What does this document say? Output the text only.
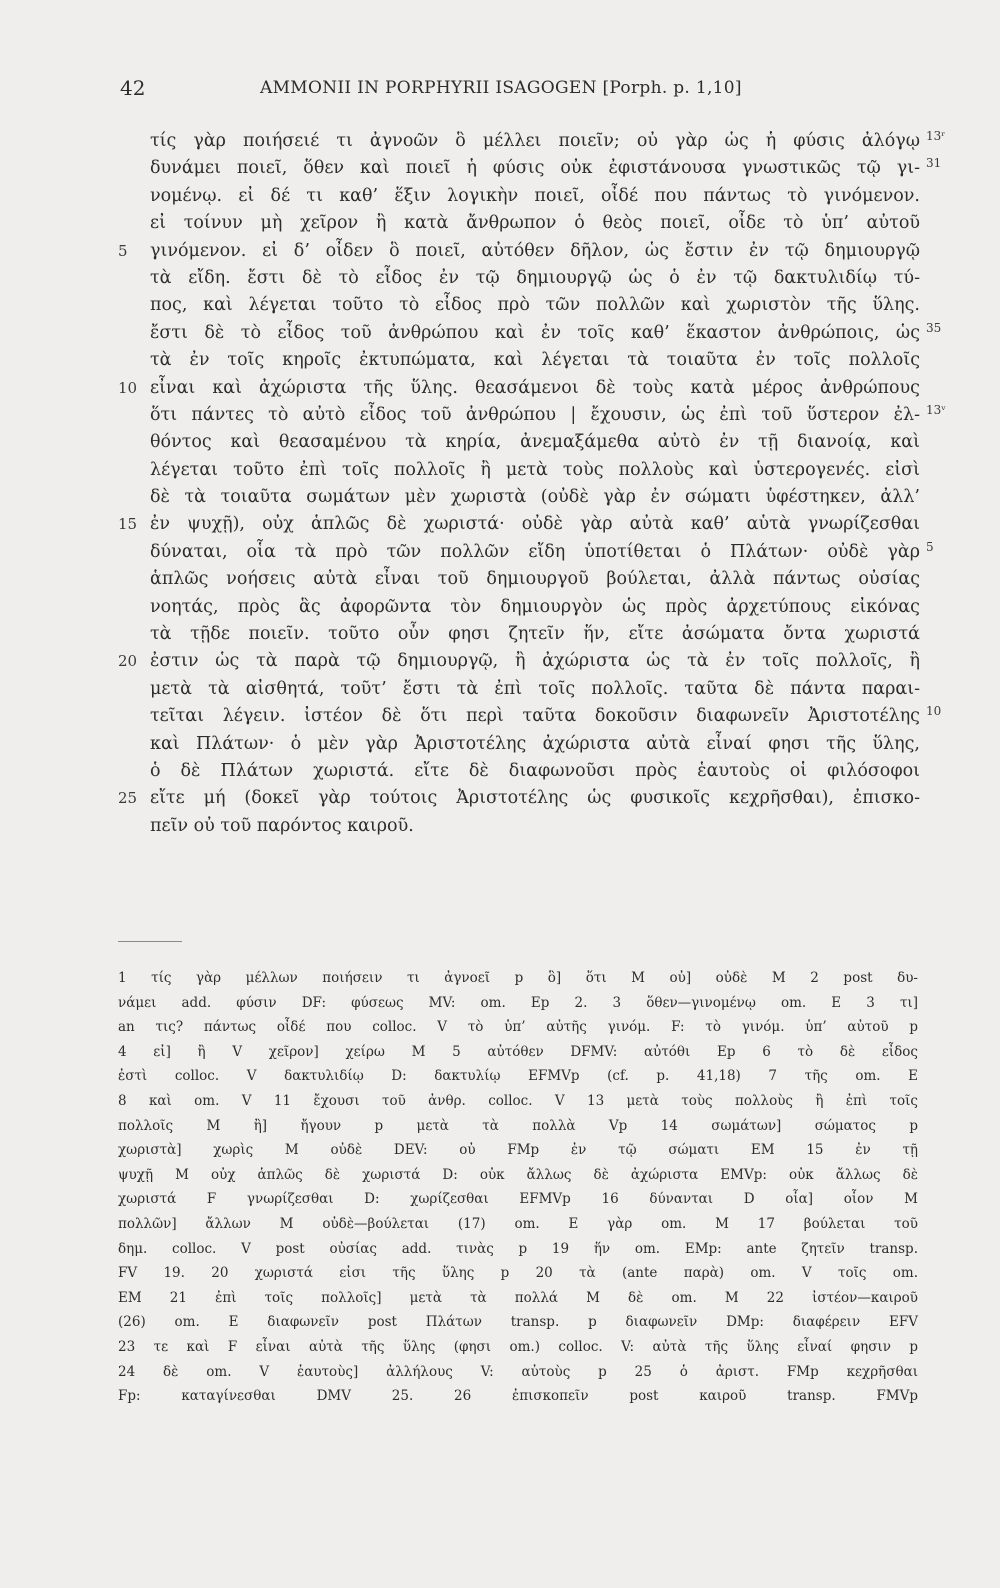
42	AMMONII IN PORPHYRII ISAGOGEN [Porph. p. 1,10]
τίς γὰρ ποιήσειέ τι ἀγνοῶν ὃ μέλλει ποιεῖν; οὐ γὰρ ὡς ἡ φύσις ἀλόγῳ 13ʳ
δυνάμει ποιεῖ, ὅθεν καὶ ποιεῖ ἡ φύσις οὐκ ἐφιστάνουσα γνωστικῶς τῷ γι- 31
νομένῳ. εἰ δέ τι καθ’ ἕξιν λογικὴν ποιεῖ, οἶδέ που πάντως τὸ γινόμενον.
εἰ τοίνυν μὴ χεῖρον ἢ κατὰ ἄνθρωπον ὁ θεὸς ποιεῖ, οἶδε τὸ ὑπ’ αὐτοῦ
5	γινόμενον. εἰ δ’ οἶδεν ὃ ποιεῖ, αὐτόθεν δῆλον, ὡς ἔστιν ἐν τῷ δημιουργῷ
τὰ εἴδη. ἔστι δὲ τὸ εἶδος ἐν τῷ δημιουργῷ ὡς ὁ ἐν τῷ δακτυλιδίῳ τύ-
πος, καὶ λέγεται τοῦτο τὸ εἶδος πρὸ τῶν πολλῶν καὶ χωριστὸν τῆς ὕλης.
ἔστι δὲ τὸ εἶδος τοῦ ἀνθρώπου καὶ ἐν τοῖς καθ’ ἕκαστον ἀνθρώποις, ὡς 35
τὰ ἐν τοῖς κηροῖς ἐκτυπώματα, καὶ λέγεται τὰ τοιαῦτα ἐν τοῖς πολλοῖς
10 εἶναι καὶ ἀχώριστα τῆς ὕλης. θεασάμενοι δὲ τοὺς κατὰ μέρος ἀνθρώπους
ὅτι πάντες τὸ αὐτὸ εἶδος τοῦ ἀνθρώπου | ἔχουσιν, ὡς ἐπὶ τοῦ ὕστερον ἐλ- 13ᵛ
θόντος καὶ θεασαμένου τὰ κηρία, ἀνεμαξάμεθα αὐτὸ ἐν τῇ διανοίᾳ, καὶ
λέγεται τοῦτο ἐπὶ τοῖς πολλοῖς ἢ μετὰ τοὺς πολλοὺς καὶ ὑστερογενές. εἰσὶ
δὲ τὰ τοιαῦτα σωμάτων μὲν χωριστὰ (οὐδὲ γὰρ ἐν σώματι ὑφέστηκεν, ἀλλ’
15 ἐν ψυχῇ), οὐχ ἁπλῶς δὲ χωριστά· οὐδὲ γὰρ αὐτὰ καθ’ αὑτὰ γνωρίζεσθαι
δύναται, οἷα τὰ πρὸ τῶν πολλῶν εἴδη ὑποτίθεται ὁ Πλάτων· οὐδὲ γὰρ 5
ἁπλῶς νοήσεις αὐτὰ εἶναι τοῦ δημιουργοῦ βούλεται, ἀλλὰ πάντως οὐσίας
νοητάς, πρὸς ἃς ἀφορῶντα τὸν δημιουργὸν ὡς πρὸς ἀρχετύπους εἰκόνας
τὰ τῇδε ποιεῖν. τοῦτο οὖν φησι ζητεῖν ἥν, εἴτε ἀσώματα ὄντα χωριστά
20 ἐστιν ὡς τὰ παρὰ τῷ δημιουργῷ, ἢ ἀχώριστα ὡς τὰ ἐν τοῖς πολλοῖς, ἢ
μετὰ τὰ αἰσθητά, τοῦτ’ ἔστι τὰ ἐπὶ τοῖς πολλοῖς. ταῦτα δὲ πάντα παραι-
τεῖται λέγειν. ἰστέον δὲ ὅτι περὶ ταῦτα δοκοῦσιν διαφωνεῖν Ἀριστοτέλης 10
καὶ Πλάτων· ὁ μὲν γὰρ Ἀριστοτέλης ἀχώριστα αὐτὰ εἶναί φησι τῆς ὕλης,
ὁ δὲ Πλάτων χωριστά. εἴτε δὲ διαφωνοῦσι πρὸς ἑαυτοὺς οἱ φιλόσοφοι
25 εἴτε μή (δοκεῖ γὰρ τούτοις Ἀριστοτέλης ὡς φυσικοῖς κεχρῆσθαι), ἐπισκο-
πεῖν οὐ τοῦ παρόντος καιροῦ.
1 τίς γὰρ μέλλων ποιήσειν τι ἀγνοεῖ p ὃ] ὅτι M οὐ] οὐδὲ M 2 post δυ-
νάμει add. φύσιν DF: φύσεως MV: om. Ep 2. 3 ὅθεν—γινομένῳ om. E 3 τι]
an τις? πάντως οἶδέ που colloc. V τὸ ὑπ’ αὐτῆς γινόμ. F: τὸ γινόμ. ὑπ’ αὐτοῦ p
4 εἰ] ἢ V χεῖρον] χείρω M 5 αὐτόθεν DFMV: αὐτόθι Ep 6 τὸ δὲ εἶδος
ἐστὶ colloc. V δακτυλιδίῳ D: δακτυλίῳ EFMVp (cf. p. 41,18) 7 τῆς om. E
8 καὶ om. V 11 ἔχουσι τοῦ ἀνθρ. colloc. V 13 μετὰ τοὺς πολλοὺς ἢ ἐπὶ τοῖς
πολλοῖς M ἢ] ἤγουν p μετὰ τὰ πολλὰ Vp 14 σωμάτων] σώματος p
χωριστὰ] χωρὶς M οὐδὲ DEV: οὐ FMp ἐν τῷ σώματι EM 15 ἐν τῇ
ψυχῇ M οὐχ ἁπλῶς δὲ χωριστά D: οὐκ ἄλλως δὲ ἀχώριστα EMVp: οὐκ ἄλλως δὲ
χωριστά F γνωρίζεσθαι D: χωρίζεσθαι EFMVp 16 δύνανται D οἷα] οἷον M
πολλῶν] ἄλλων M οὐδὲ—βούλεται (17) om. E γὰρ om. M 17 βούλεται τοῦ
δημ. colloc. V post οὐσίας add. τινὰς p 19 ἥν om. EMp: ante ζητεῖν transp.
FV 19. 20 χωριστά εἰσι τῆς ὕλης p 20 τὰ (ante παρὰ) om. V τοῖς om.
EM 21 ἐπὶ τοῖς πολλοῖς] μετὰ τὰ πολλά M δὲ om. M 22 ἰστέον—καιροῦ
(26) om. E διαφωνεῖν post Πλάτων transp. p διαφωνεῖν DMp: διαφέρειν EFV
23 τε καὶ F εἶναι αὐτὰ τῆς ὕλης (φησι om.) colloc. V: αὐτὰ τῆς ὕλης εἶναί φησιν p
24 δὲ om. V ἑαυτοὺς] ἀλλήλους V: αὐτοὺς p 25 ὁ ἀριστ. FMp κεχρῆσθαι
Fp: καταγίνεσθαι DMV 25. 26 ἐπισκοπεῖν post καιροῦ transp. FMVp
